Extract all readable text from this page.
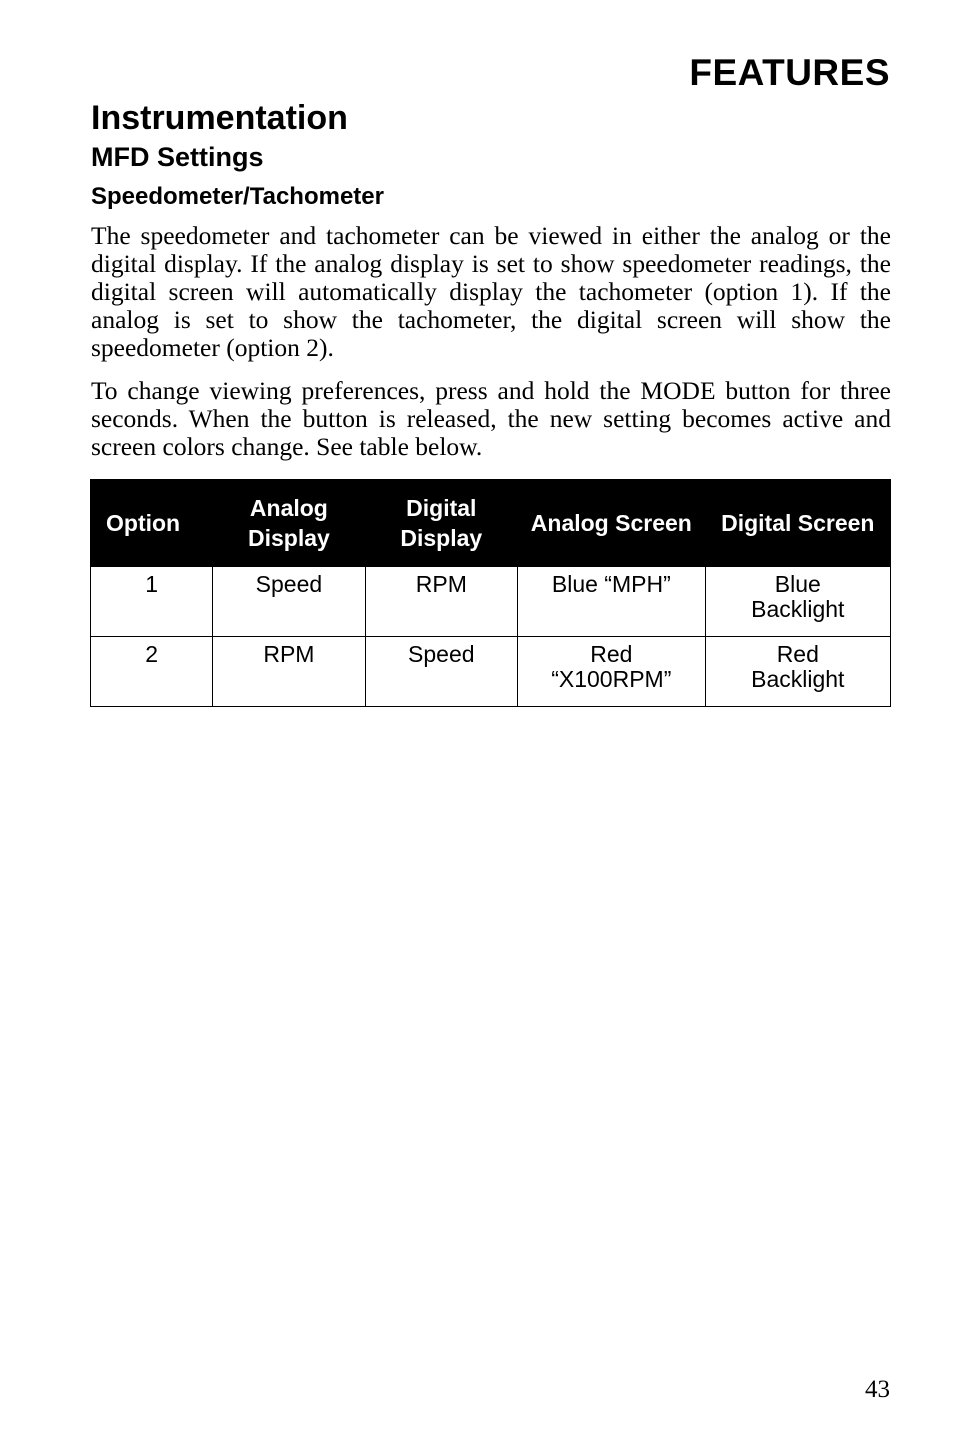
FEATURES
Instrumentation
MFD Settings
Speedometer/Tachometer

The speedometer and tachometer can be viewed in either the analog or the digital display. If the analog display is set to show speedometer readings, the digital screen will automatically display the tachometer (option 1). If the analog is set to show the tachometer, the digital screen will show the speedometer (option 2).

To change viewing preferences, press and hold the MODE button for three seconds. When the button is released, the new setting becomes active and screen colors change. See table below.

Option	Analog Display	Digital Display	Analog Screen	Digital Screen
1	Speed	RPM	Blue “MPH”	Blue Backlight
2	RPM	Speed	Red “X100RPM”	Red Backlight
43
